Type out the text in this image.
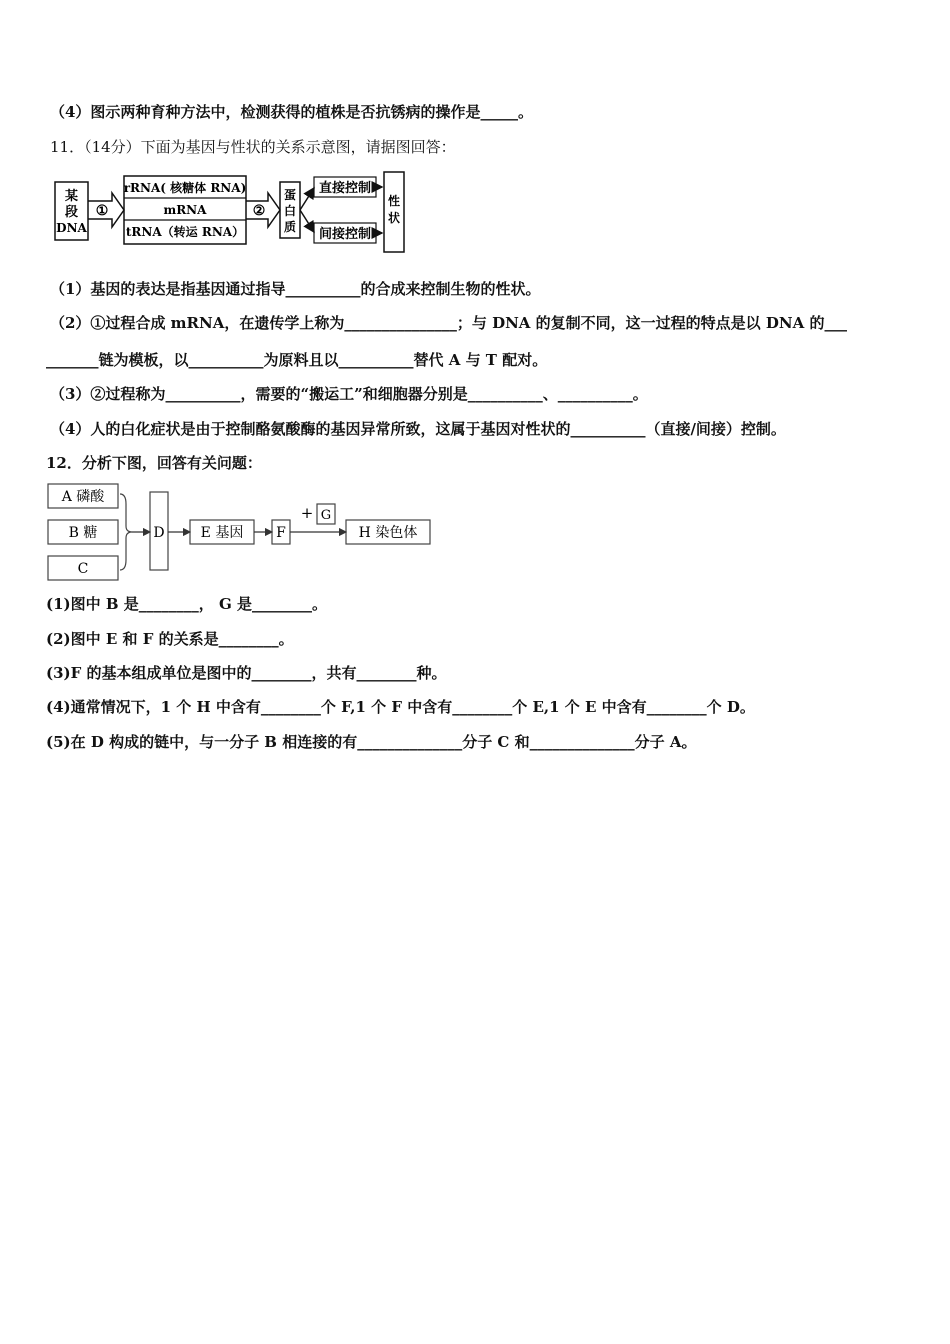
（4）图示两种育种方法中，检测获得的植株是否抗锈病的操作是_____。
11．（14分）下面为基因与性状的关系示意图，请据图回答：
某
段
DNA
①
rRNA( 核糖体 RNA)
mRNA
tRNA（转运 RNA）
②
蛋
白
质
直接控制
间接控制
性
状
（1）基因的表达是指基因通过指导__________的合成来控制生物的性状。
（2）①过程合成 mRNA，在遗传学上称为_______________；与 DNA 的复制不同，这一过程的特点是以 DNA 的___
_______链为模板，以__________为原料且以__________替代 A 与 T 配对。
（3）②过程称为__________，需要的“搬运工”和细胞器分别是__________、__________。
（4）人的白化症状是由于控制酪氨酸酶的基因异常所致，这属于基因对性状的__________（直接/间接）控制。
12．分析下图，回答有关问题：
A 磷酸
B 糖
C
D	E 基因 F
+ G
H 染色体
(1)图中 B 是________， G 是________。
(2)图中 E 和 F 的关系是________。
(3)F 的基本组成单位是图中的________，共有________种。
(4)通常情况下，1 个 H 中含有________个 F,1 个 F 中含有________个 E,1 个 E 中含有________个 D。
(5)在 D 构成的链中，与一分子 B 相连接的有______________分子 C 和______________分子 A。
